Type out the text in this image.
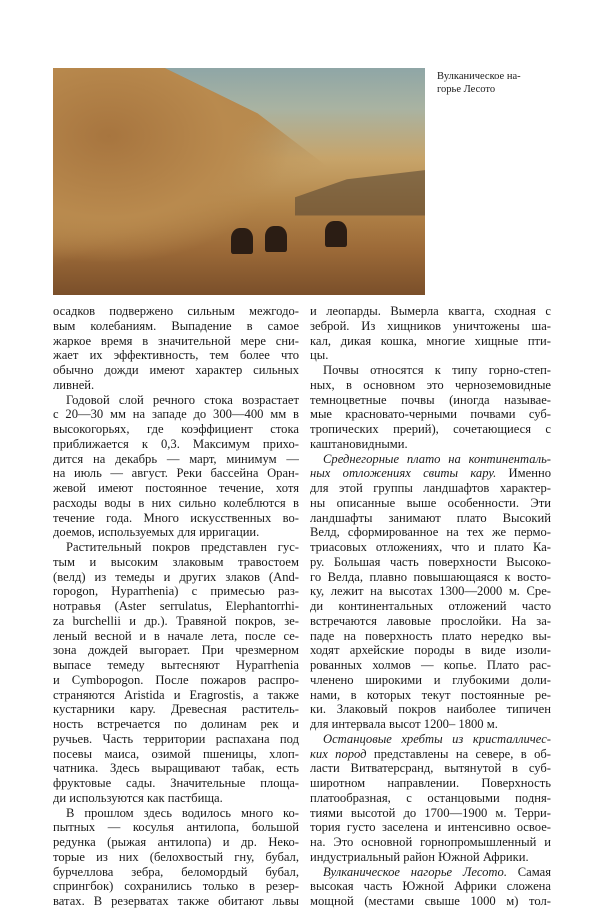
Вулканическое на-
горье Лесото
осадков подвержено сильным межгодо-
вым колебаниям. Выпадение в самое
жаркое время в значительной мере сни-
жает их эффективность, тем более что
обычно дожди имеют характер сильных
ливней.
Годовой слой речного стока возрастает
с 20—30 мм на западе до 300—400 мм в
высокогорьях, где коэффициент стока
приближается к 0,3. Максимум прихо-
дится на декабрь — март, минимум —
на июль — август. Реки бассейна Оран-
жевой имеют постоянное течение, хотя
расходы воды в них сильно колеблются в
течение года. Много искусственных во-
доемов, используемых для ирригации.
Растительный покров представлен гус-
тым и высоким злаковым травостоем
(велд) из темеды и других злаков (And-
ropogon, Hyparrhenia) с примесью раз-
нотравья (Aster serrulatus, Elephantorrhi-
za burchellii и др.). Травяной покров, зе-
леный весной и в начале лета, после се-
зона дождей выгорает. При чрезмерном
выпасе темеду вытесняют Hyparrhenia
и Cymbopogon. После пожаров распро-
страняются Aristida и Eragrostis, а также
кустарники кару. Древесная раститель-
ность встречается по долинам рек и
ручьев. Часть территории распахана под
посевы маиса, озимой пшеницы, хлоп-
чатника. Здесь выращивают табак, есть
фруктовые сады. Значительные площа-
ди используются как пастбища.
В прошлом здесь водилось много ко-
пытных — косулья антилопа, большой
редунка (рыжая антилопа) и др. Неко-
торые из них (белохвостый гну, бубал,
бурчеллова зебра, беломордый бубал,
спрингбок) сохранились только в резер-
ватах. В резерватах также обитают львы
и леопарды. Вымерла квагга, сходная с
зеброй. Из хищников уничтожены ша-
кал, дикая кошка, многие хищные пти-
цы.
Почвы относятся к типу горно-степ-
ных, в основном это черноземовидные
темноцветные почвы (иногда называе-
мые красновато-черными почвами суб-
тропических прерий), сочетающиеся с
каштановидными.
Среднегорные плато на континенталь-
ных отложениях свиты кару. Именно
для этой группы ландшафтов характер-
ны описанные выше особенности. Эти
ландшафты занимают плато Высокий
Велд, сформированное на тех же пермо-
триасовых отложениях, что и плато Ка-
ру. Большая часть поверхности Высоко-
го Велда, плавно повышающаяся к восто-
ку, лежит на высотах 1300—2000 м. Сре-
ди континентальных отложений часто
встречаются лавовые прослойки. На за-
паде на поверхность плато нередко вы-
ходят архейские породы в виде изоли-
рованных холмов — копье. Плато рас-
членено широкими и глубокими доли-
нами, в которых текут постоянные ре-
ки. Злаковый покров наиболее типичен
для интервала высот 1200– 1800 м.
Останцовые хребты из кристалличес-
ких пород представлены на севере, в об-
ласти Витватерсранд, вытянутой в суб-
широтном направлении. Поверхность
платообразная, с останцовыми подня-
тиями высотой до 1700—1900 м. Терри-
тория густо заселена и интенсивно освое-
на. Это основной горнопромышленный и
индустриальный район Южной Африки.
Вулканическое нагорье Лесото. Самая
высокая часть Южной Африки сложена
мощной (местами свыше 1000 м) тол-
